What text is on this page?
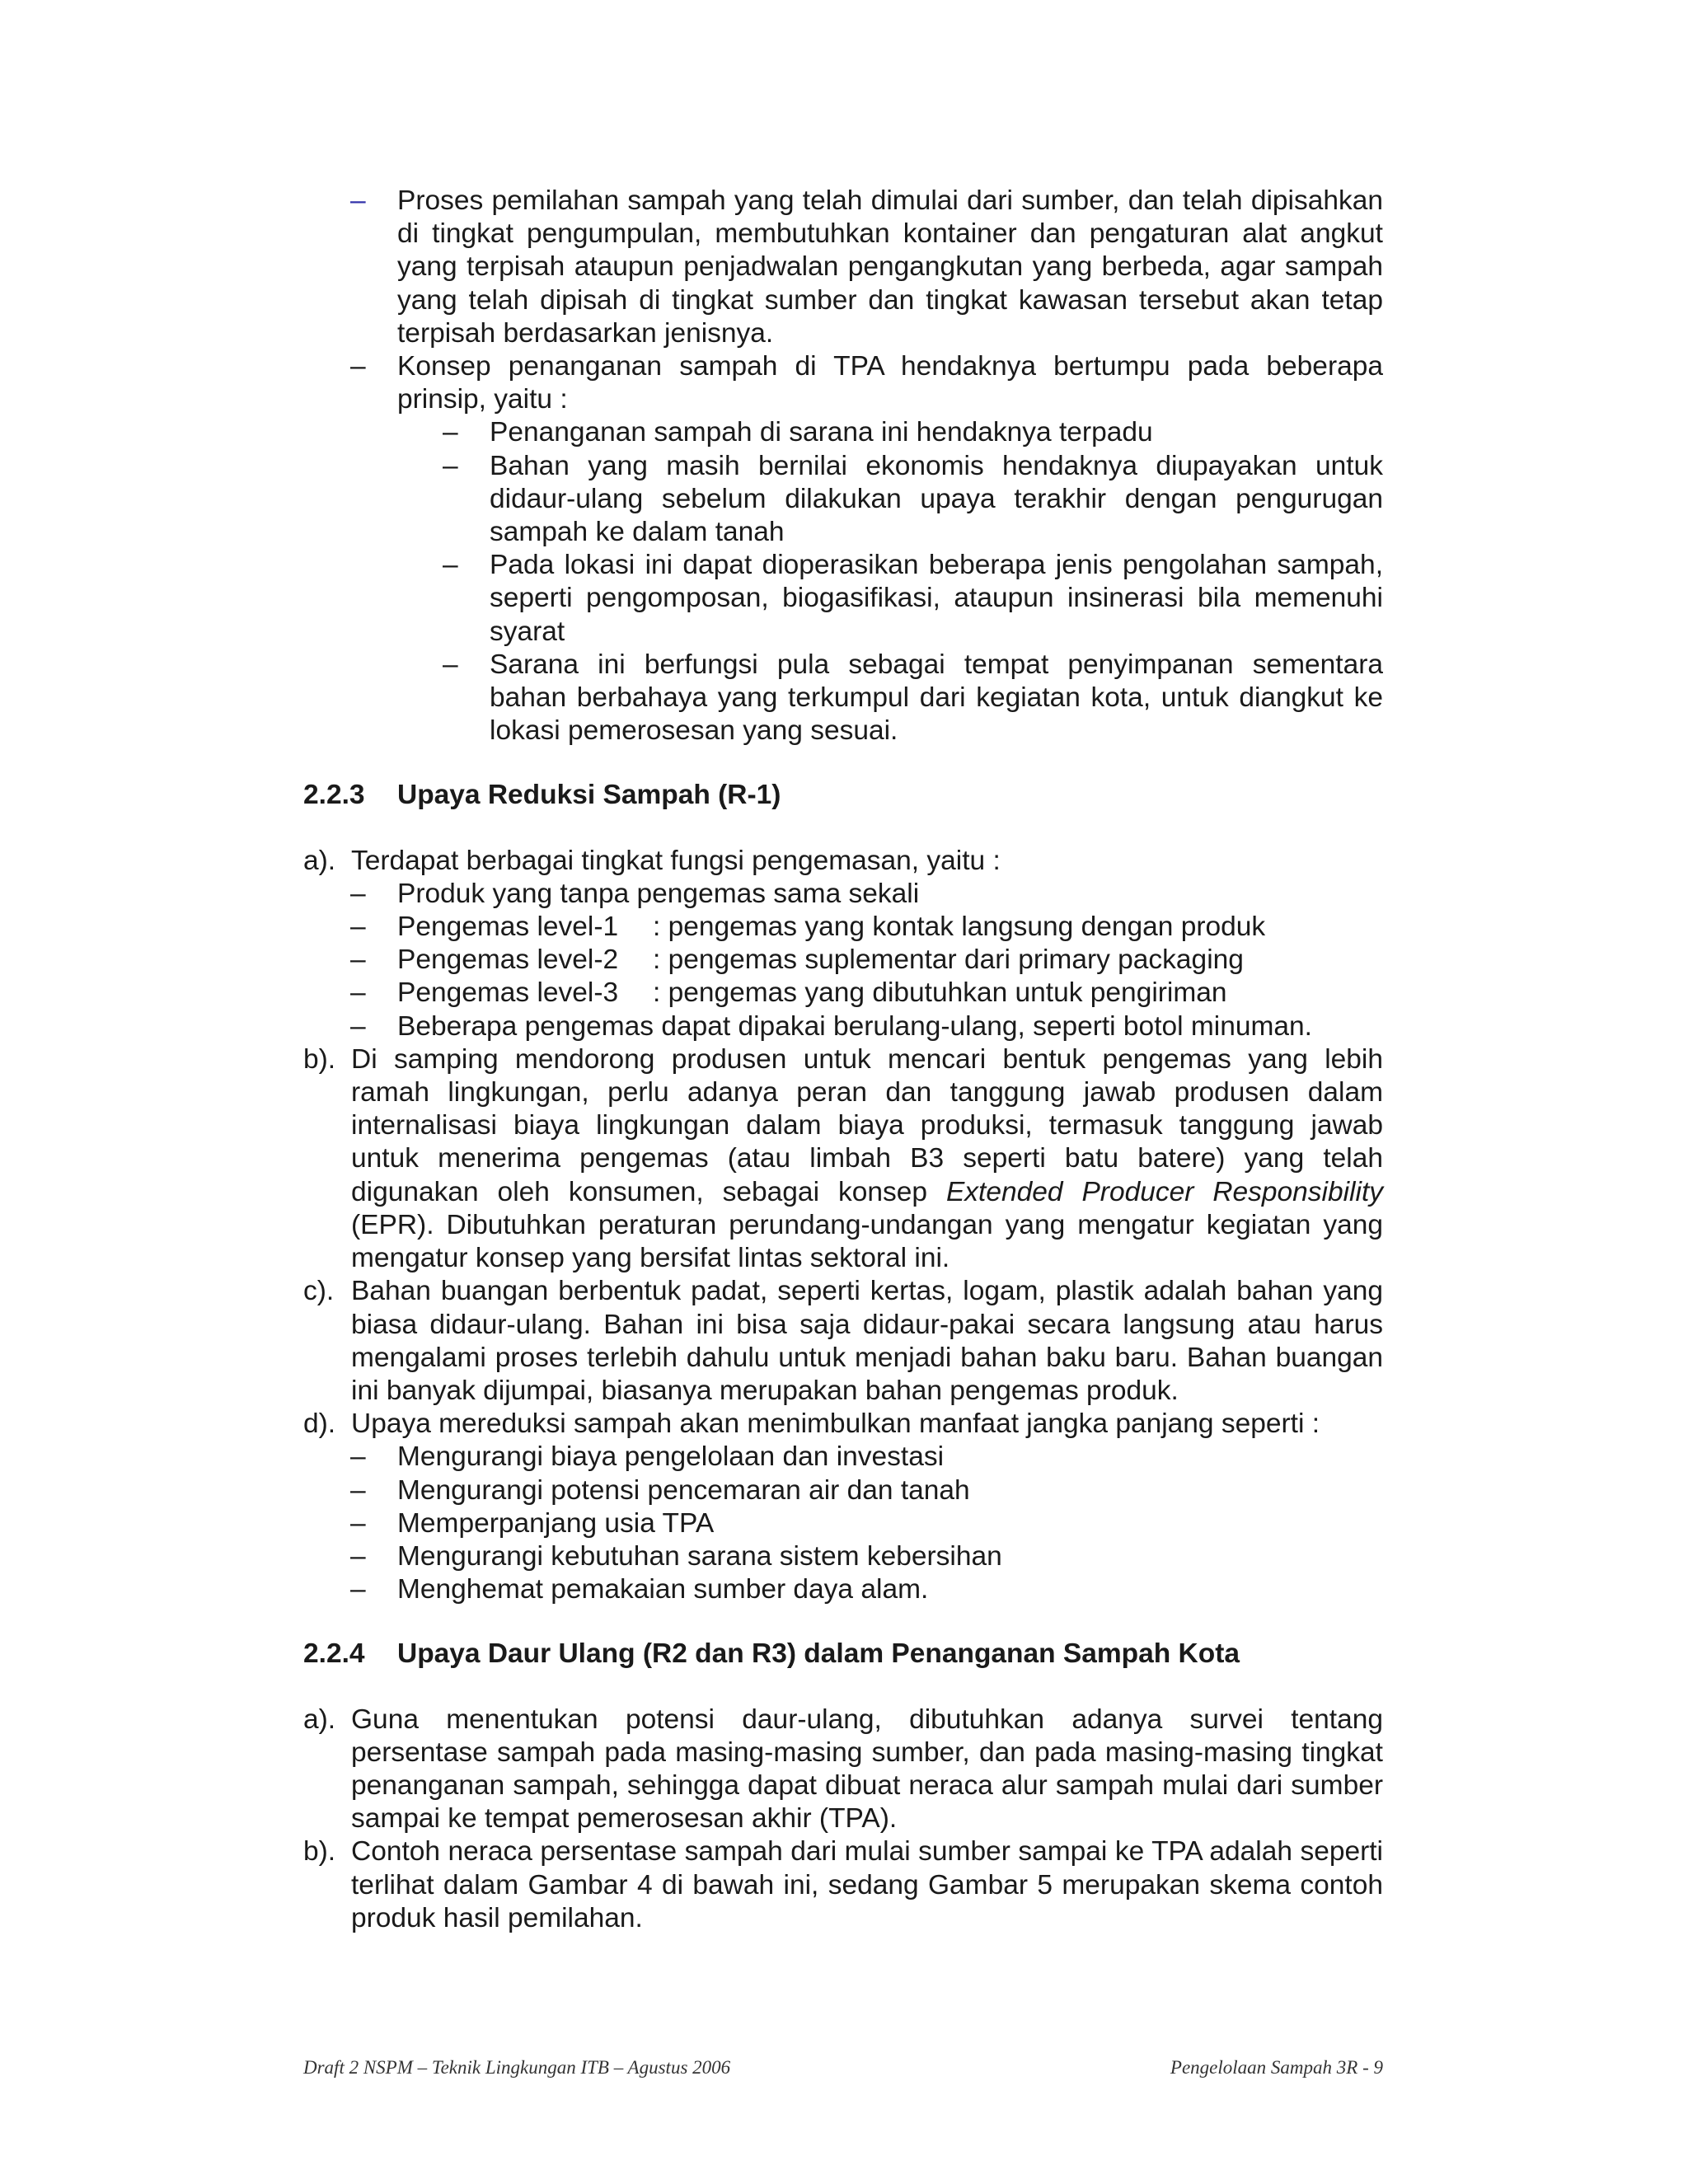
– Proses pemilahan sampah yang telah dimulai dari sumber, dan telah dipisahkan di tingkat pengumpulan, membutuhkan kontainer dan pengaturan alat angkut yang terpisah ataupun penjadwalan pengangkutan yang berbeda, agar sampah yang telah dipisah di tingkat sumber dan tingkat kawasan tersebut akan tetap terpisah berdasarkan jenisnya.
– Konsep penanganan sampah di TPA hendaknya bertumpu pada beberapa prinsip, yaitu :
– Penanganan sampah di sarana ini hendaknya terpadu
– Bahan yang masih bernilai ekonomis hendaknya diupayakan untuk didaur-ulang sebelum dilakukan upaya terakhir dengan pengurugan sampah ke dalam tanah
– Pada lokasi ini dapat dioperasikan beberapa jenis pengolahan sampah, seperti pengomposan, biogasifikasi, ataupun insinerasi bila memenuhi syarat
– Sarana ini berfungsi pula sebagai tempat penyimpanan sementara bahan berbahaya yang terkumpul dari kegiatan kota, untuk diangkut ke lokasi pemerosesan yang sesuai.
2.2.3	Upaya Reduksi Sampah (R-1)
a). Terdapat berbagai tingkat fungsi pengemasan, yaitu :
– Produk yang tanpa pengemas sama sekali
– Pengemas level-1 : pengemas yang kontak langsung dengan produk
– Pengemas level-2 : pengemas suplementar dari primary packaging
– Pengemas level-3 : pengemas yang dibutuhkan untuk pengiriman
– Beberapa pengemas dapat dipakai berulang-ulang, seperti botol minuman.
b). Di samping mendorong produsen untuk mencari bentuk pengemas yang lebih ramah lingkungan, perlu adanya peran dan tanggung jawab produsen dalam internalisasi biaya lingkungan dalam biaya produksi, termasuk tanggung jawab untuk menerima pengemas (atau limbah B3 seperti batu batere) yang telah digunakan oleh konsumen, sebagai konsep Extended Producer Responsibility (EPR). Dibutuhkan peraturan perundang-undangan yang mengatur kegiatan yang mengatur konsep yang bersifat lintas sektoral ini.
c). Bahan buangan berbentuk padat, seperti kertas, logam, plastik adalah bahan yang biasa didaur-ulang. Bahan ini bisa saja didaur-pakai secara langsung atau harus mengalami proses terlebih dahulu untuk menjadi bahan baku baru. Bahan buangan ini banyak dijumpai, biasanya merupakan bahan pengemas produk.
d). Upaya mereduksi sampah akan menimbulkan manfaat jangka panjang seperti :
– Mengurangi biaya pengelolaan dan investasi
– Mengurangi potensi pencemaran air dan tanah
– Memperpanjang usia TPA
– Mengurangi kebutuhan sarana sistem kebersihan
– Menghemat pemakaian sumber daya alam.
2.2.4	Upaya Daur Ulang (R2 dan R3) dalam Penanganan Sampah Kota
a). Guna menentukan potensi daur-ulang, dibutuhkan adanya survei tentang persentase sampah pada masing-masing sumber, dan pada masing-masing tingkat penanganan sampah, sehingga dapat dibuat neraca alur sampah mulai dari sumber sampai ke tempat pemerosesan akhir (TPA).
b). Contoh neraca persentase sampah dari mulai sumber sampai ke TPA adalah seperti terlihat dalam Gambar 4 di bawah ini, sedang Gambar 5 merupakan skema contoh produk hasil pemilahan.
Draft 2 NSPM – Teknik Lingkungan ITB – Agustus 2006	Pengelolaan Sampah 3R - 9
